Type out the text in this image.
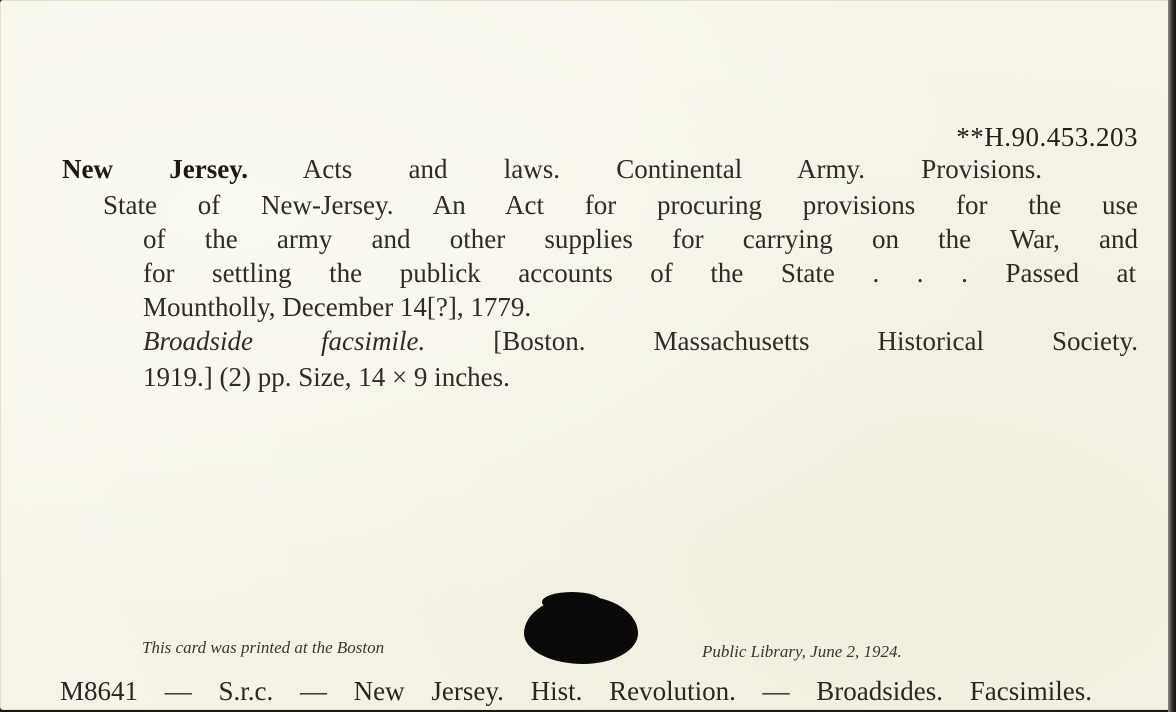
**H.90.453.203
New Jersey. Acts and laws. Continental Army. Provisions.
State of New-Jersey. An Act for procuring provisions for the use
of the army and other supplies for carrying on the War, and
for settling the publick accounts of the State . . . Passed at
Mountholly, December 14[?], 1779.
Broadside facsimile.	[Boston. Massachusetts Historical Society.
1919.] (2) pp. Size, 14 × 9 inches.
This card was printed at the Boston	Public Library, June 2, 1924.
M8641 — S.r.c. — New Jersey. Hist. Revolution. — Broadsides. Facsimiles.
